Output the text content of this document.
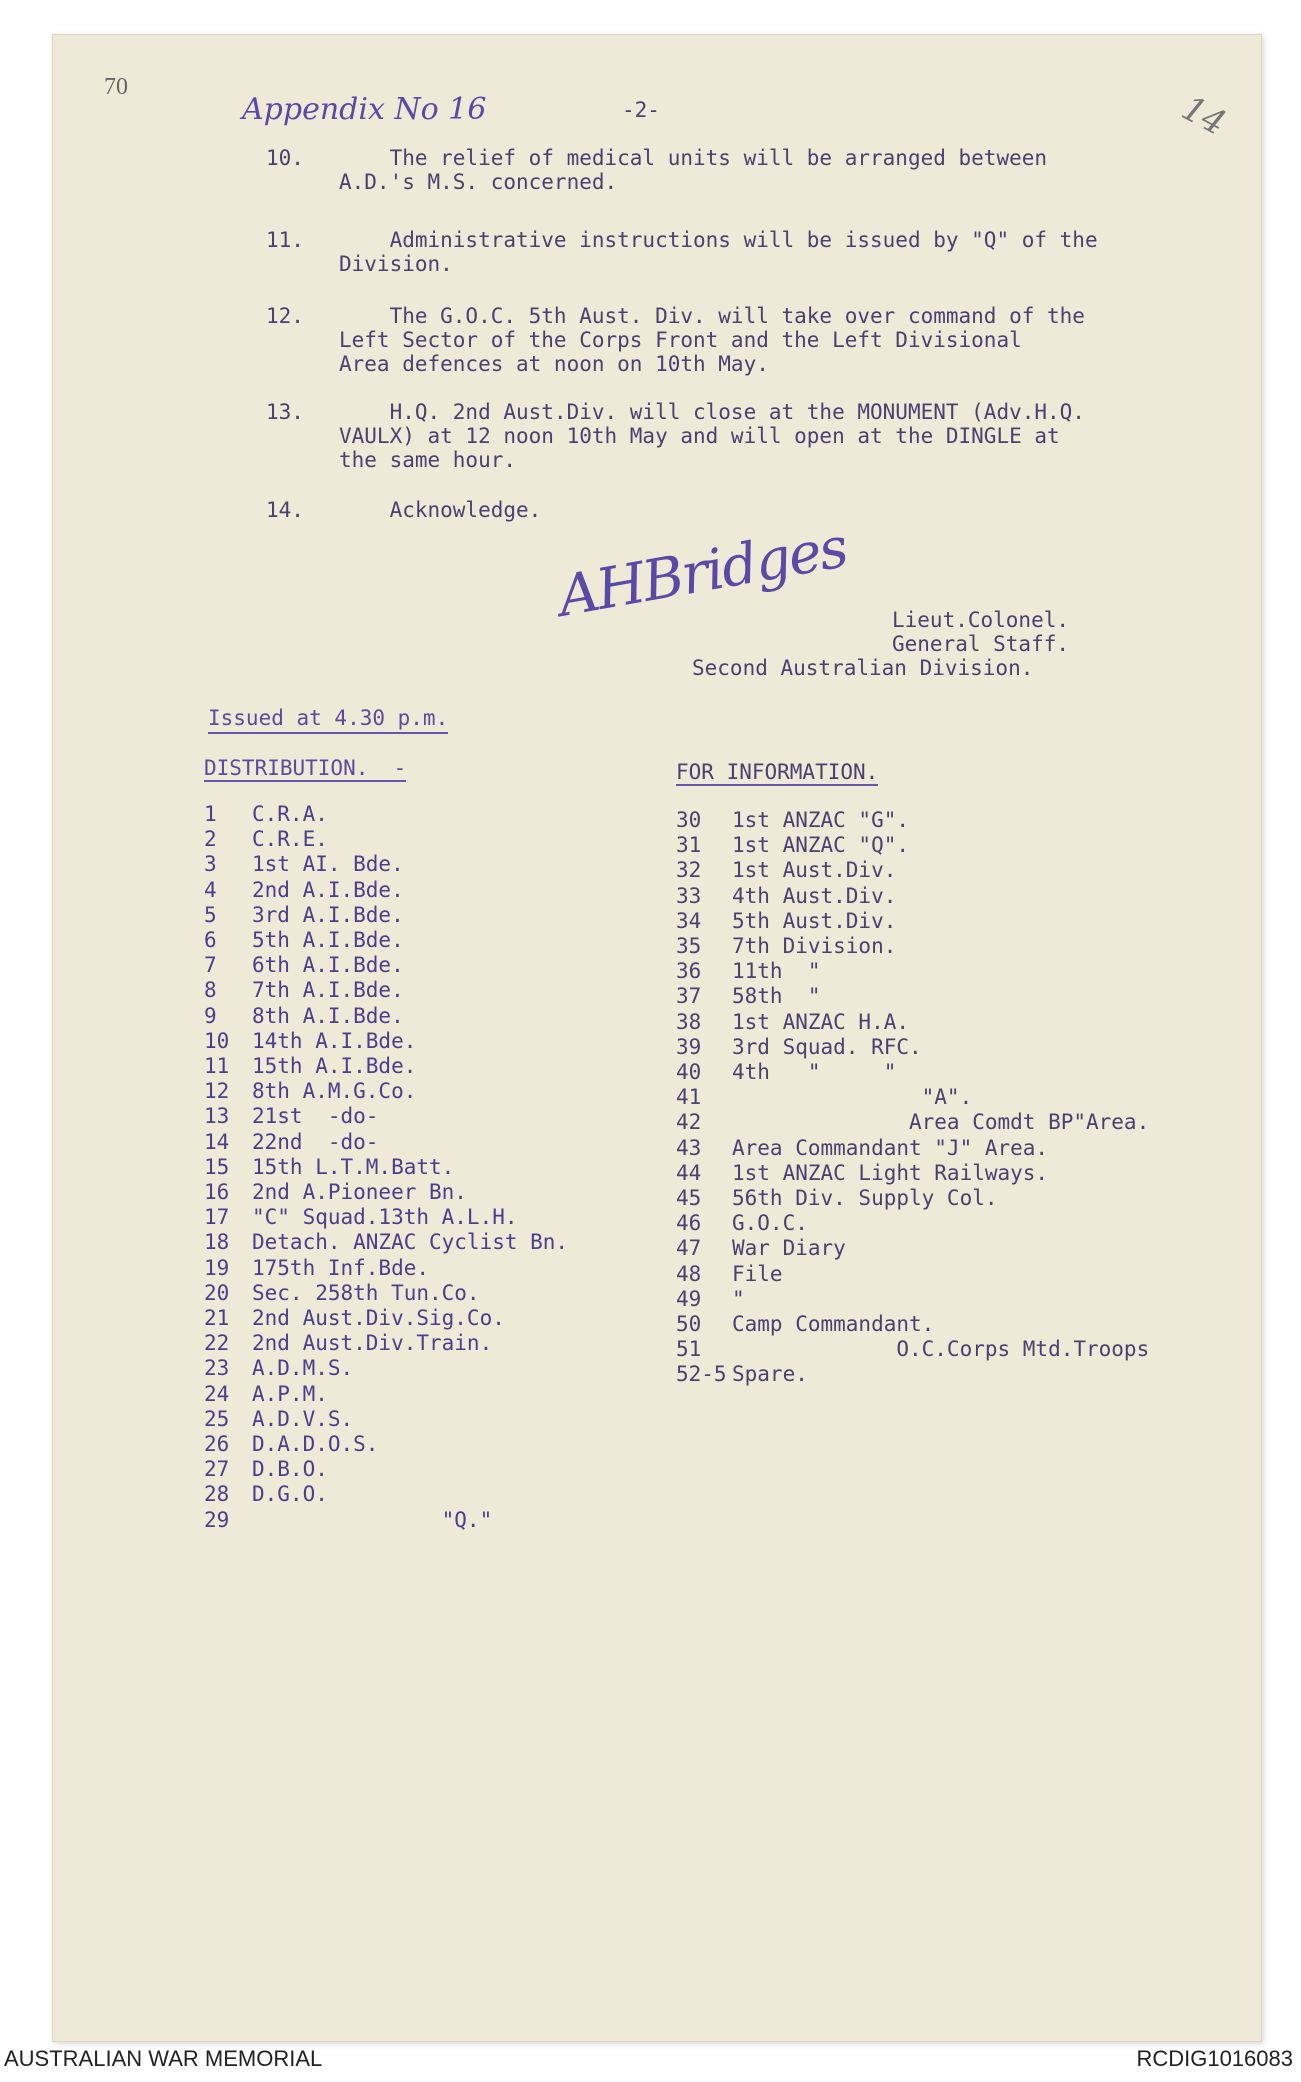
70
Appendix No 16	-2-	14
10. The relief of medical units will be arranged between
A.D.'s M.S. concerned.
11. Administrative instructions will be issued by "Q" of the
Division.
12. The G.O.C. 5th Aust. Div. will take over command of the
Left Sector of the Corps Front and the Left Divisional
Area defences at noon on 10th May.
13. H.Q. 2nd Aust.Div. will close at the MONUMENT (Adv.H.Q.
VAULX) at 12 noon 10th May and will open at the DINGLE at
the same hour.
14. Acknowledge.
AHBridges Lieut.Colonel.
General Staff.
Second Australian Division.
Issued at 4.30 p.m.
DISTRIBUTION.  -	FOR INFORMATION.
1 C.R.A.
2 C.R.E.
3 1st AI. Bde.
4 2nd A.I.Bde.
5 3rd A.I.Bde.
6 5th A.I.Bde.
7 6th A.I.Bde.
8 7th A.I.Bde.
9 8th A.I.Bde.
10 14th A.I.Bde.
11 15th A.I.Bde.
12 8th A.M.G.Co.
13 21st  -do-
14 22nd  -do-
15 15th L.T.M.Batt.
16 2nd A.Pioneer Bn.
17 "C" Squad.13th A.L.H.
18 Detach. ANZAC Cyclist Bn.
19 175th Inf.Bde.
20 Sec. 258th Tun.Co.
21 2nd Aust.Div.Sig.Co.
22 2nd Aust.Div.Train.
23 A.D.M.S.
24 A.P.M.
25 A.D.V.S.
26 D.A.D.O.S.
27 D.B.O.
28 D.G.O.
29 "Q."
30 1st ANZAC "G".
31 1st ANZAC "Q".
32 1st Aust.Div.
33 4th Aust.Div.
34 5th Aust.Div.
35 7th Division.
36 11th  "
37 58th  "
38 1st ANZAC H.A.
39 3rd Squad. RFC.
40 4th   "     "
41 "A".
42 Area Comdt BP"Area.
43 Area Commandant "J" Area.
44 1st ANZAC Light Railways.
45 56th Div. Supply Col.
46 G.O.C.
47 War Diary
48 File
49 "
50 Camp Commandant.
51 O.C.Corps Mtd.Troops
52-5 Spare.
AUSTRALIAN WAR MEMORIAL	RCDIG1016083
